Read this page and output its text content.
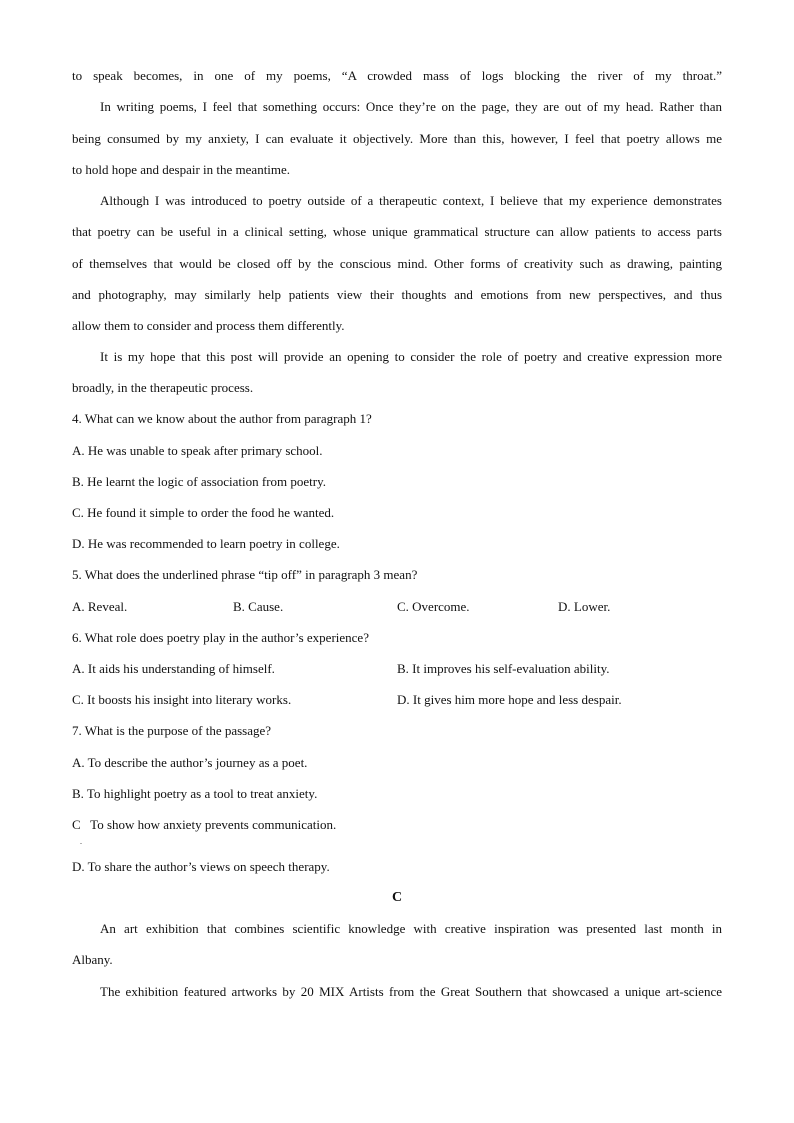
to speak becomes, in one of my poems, “A crowded mass of logs blocking the river of my throat.”
In writing poems, I feel that something occurs: Once they’re on the page, they are out of my head. Rather than
being consumed by my anxiety, I can evaluate it objectively. More than this, however, I feel that poetry allows me
to hold hope and despair in the meantime.
Although I was introduced to poetry outside of a therapeutic context, I believe that my experience demonstrates
that poetry can be useful in a clinical setting, whose unique grammatical structure can allow patients to access parts
of themselves that would be closed off by the conscious mind. Other forms of creativity such as drawing, painting
and photography, may similarly help patients view their thoughts and emotions from new perspectives, and thus
allow them to consider and process them differently.
It is my hope that this post will provide an opening to consider the role of poetry and creative expression more
broadly, in the therapeutic process.
4. What can we know about the author from paragraph 1?
A. He was unable to speak after primary school.
B. He learnt the logic of association from poetry.
C. He found it simple to order the food he wanted.
D. He was recommended to learn poetry in college.
5. What does the underlined phrase “tip off” in paragraph 3 mean?
A. Reveal.	B. Cause.	C. Overcome.	D. Lower.
6. What role does poetry play in the author’s experience?
A. It aids his understanding of himself.	B. It improves his self-evaluation ability.
C. It boosts his insight into literary works.	D. It gives him more hope and less despair.
7. What is the purpose of the passage?
A. To describe the author’s journey as a poet.
B. To highlight poetry as a tool to treat anxiety.
C   To show how anxiety prevents communication.
.
D. To share the author’s views on speech therapy.
C
An art exhibition that combines scientific knowledge with creative inspiration was presented last month in
Albany.
The exhibition featured artworks by 20 MIX Artists from the Great Southern that showcased a unique art-science
